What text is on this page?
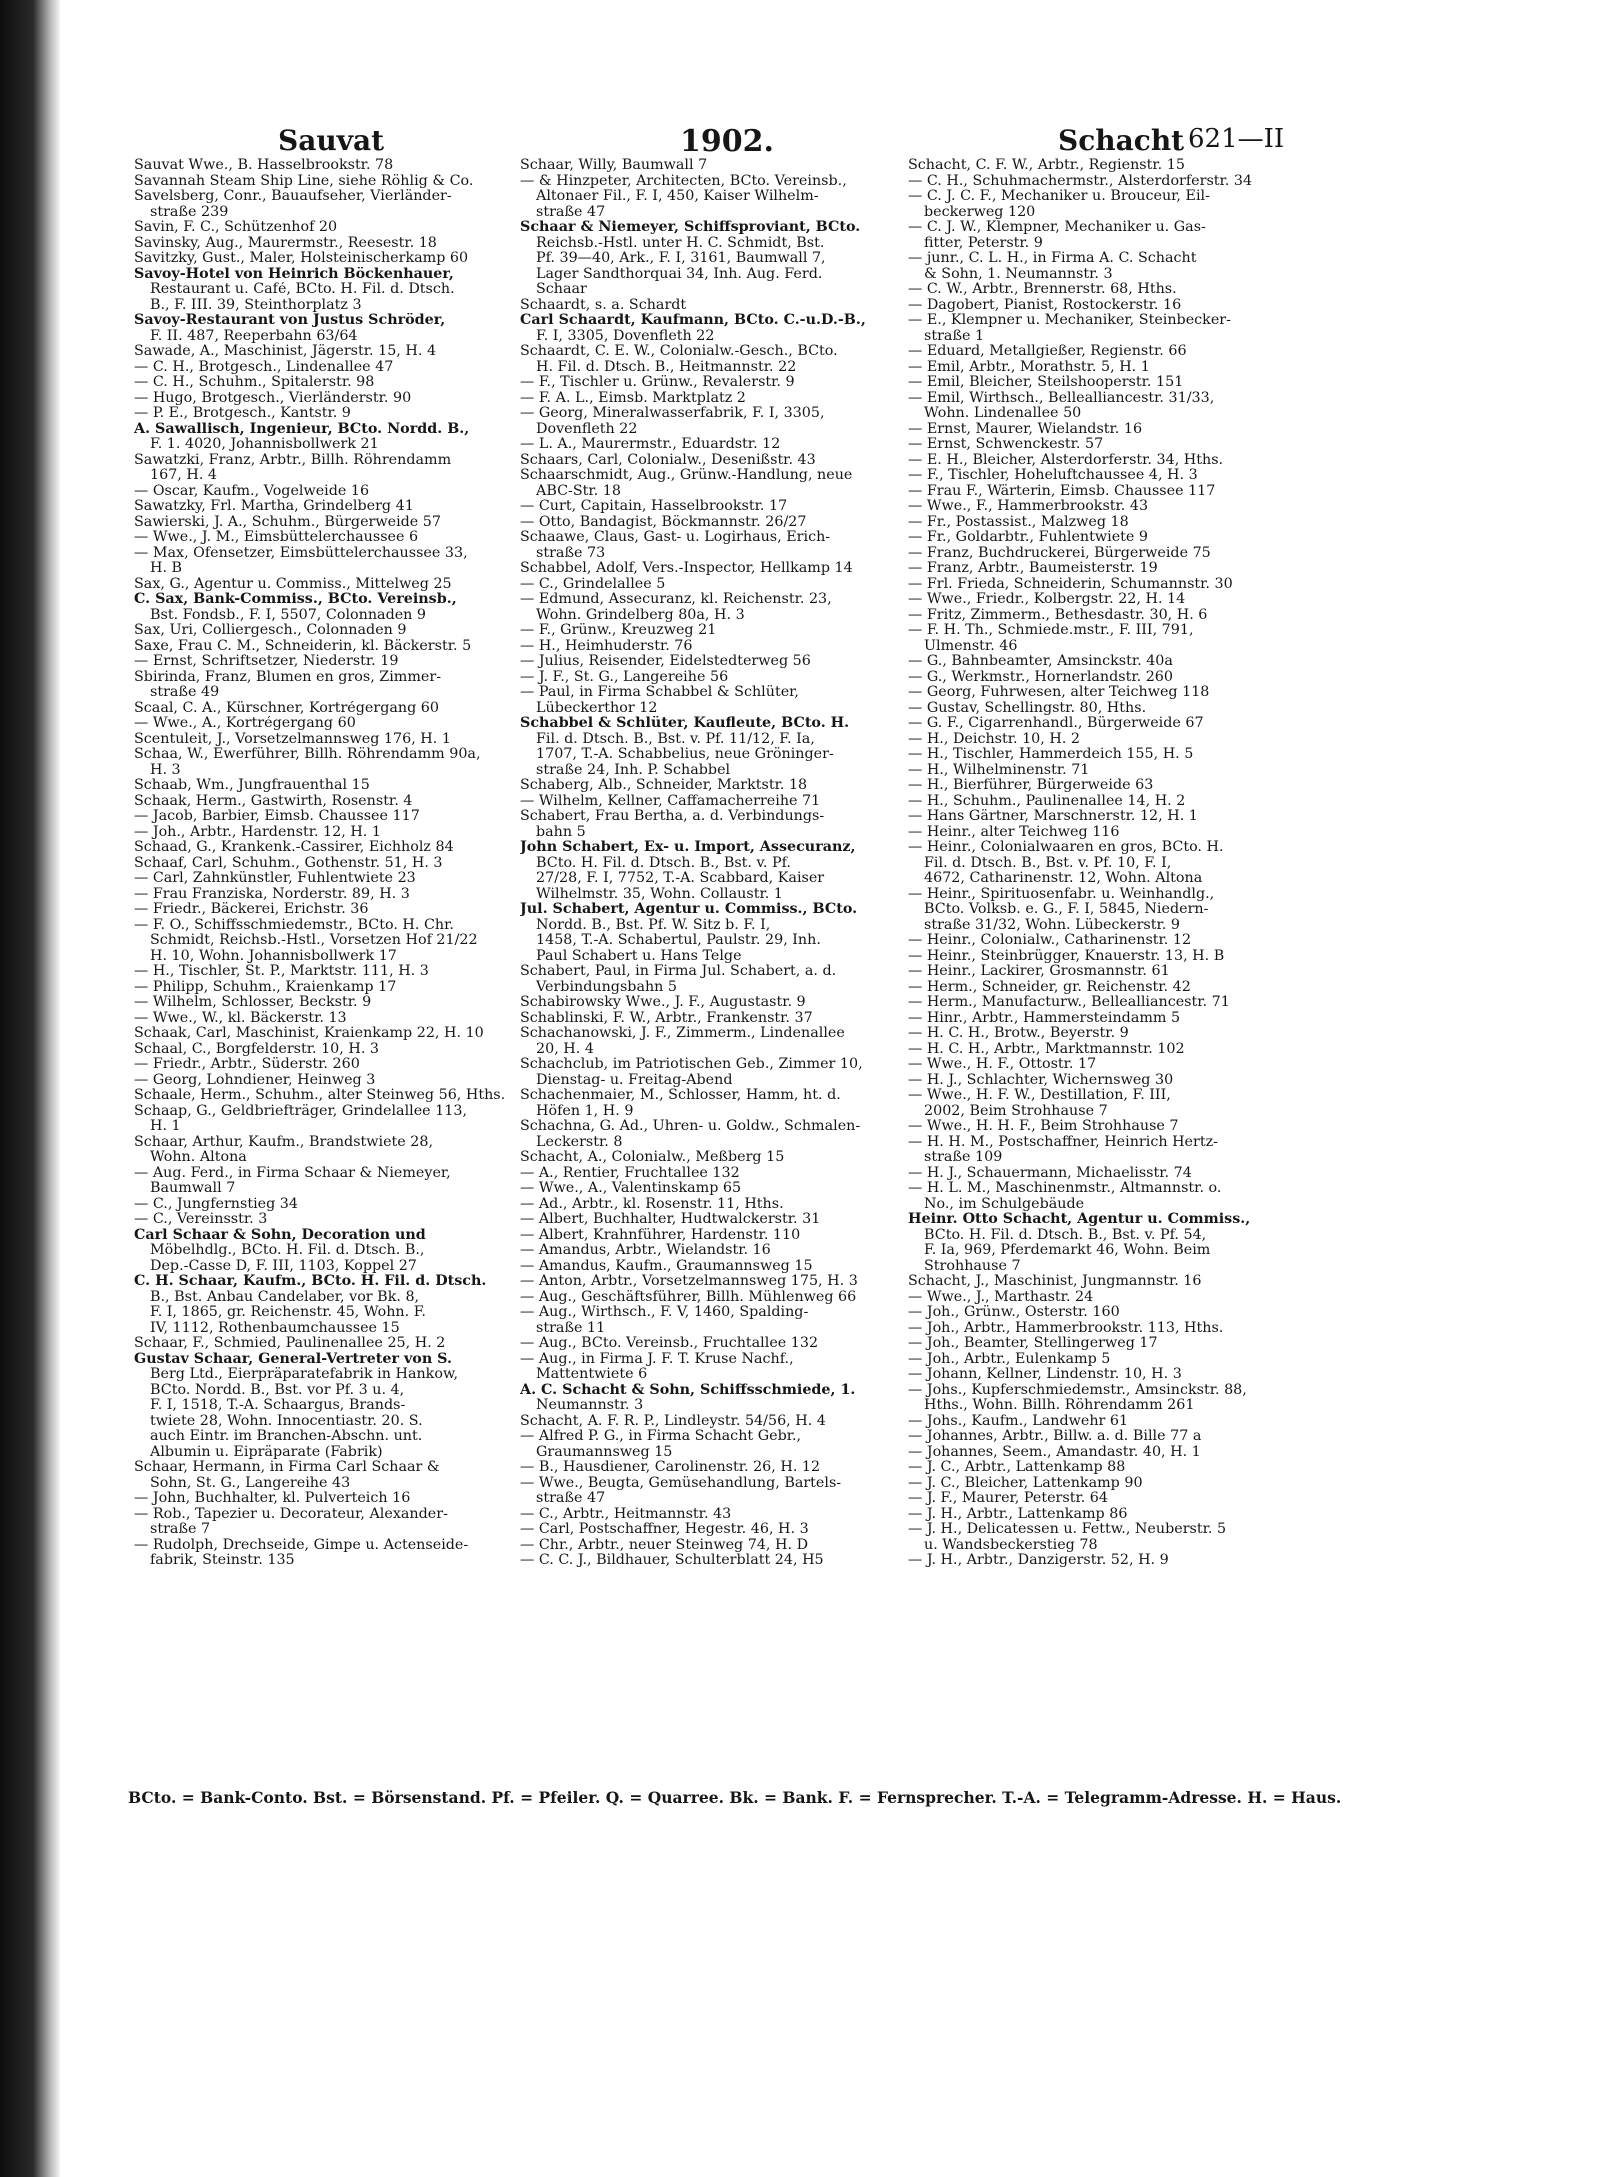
Sauvat	1902.	Schacht 621—II
Sauvat Wwe., B. Hasselbrookstr. 78
Savannah Steam Ship Line, siehe Röhlig & Co.
Savelsberg, Conr., Bauaufseher, Vierländer-
straße 239
Savin, F. C., Schützenhof 20
Savinsky, Aug., Maurermstr., Reesestr. 18
Savitzky, Gust., Maler, Holsteinischerkamp 60
Savoy-Hotel von Heinrich Böckenhauer,
Restaurant u. Café, BCto. H. Fil. d. Dtsch.
B., F. III. 39, Steinthorplatz 3
Savoy-Restaurant von Justus Schröder,
F. II. 487, Reeperbahn 63/64
Sawade, A., Maschinist, Jägerstr. 15, H. 4
— C. H., Brotgesch., Lindenallee 47
— C. H., Schuhm., Spitalerstr. 98
— Hugo, Brotgesch., Vierländerstr. 90
— P. E., Brotgesch., Kantstr. 9
A. Sawallisch, Ingenieur, BCto. Nordd. B.,
F. 1. 4020, Johannisbollwerk 21
Sawatzki, Franz, Arbtr., Billh. Röhrendamm
167, H. 4
— Oscar, Kaufm., Vogelweide 16
Sawatzky, Frl. Martha, Grindelberg 41
Sawierski, J. A., Schuhm., Bürgerweide 57
— Wwe., J. M., Eimsbüttelerchaussee 6
— Max, Ofensetzer, Eimsbüttelerchaussee 33,
H. B
Sax, G., Agentur u. Commiss., Mittelweg 25
C. Sax, Bank-Commiss., BCto. Vereinsb.,
Bst. Fondsb., F. I, 5507, Colonnaden 9
Sax, Uri, Colliergesch., Colonnaden 9
Saxe, Frau C. M., Schneiderin, kl. Bäckerstr. 5
— Ernst, Schriftsetzer, Niederstr. 19
Sbirinda, Franz, Blumen en gros, Zimmer-
straße 49
Scaal, C. A., Kürschner, Kortrégergang 60
— Wwe., A., Kortrégergang 60
Scentuleit, J., Vorsetzelmannsweg 176, H. 1
Schaa, W., Ewerführer, Billh. Röhrendamm 90a,
H. 3
Schaab, Wm., Jungfrauenthal 15
Schaak, Herm., Gastwirth, Rosenstr. 4
— Jacob, Barbier, Eimsb. Chaussee 117
— Joh., Arbtr., Hardenstr. 12, H. 1
Schaad, G., Krankenk.-Cassirer, Eichholz 84
Schaaf, Carl, Schuhm., Gothenstr. 51, H. 3
— Carl, Zahnkünstler, Fuhlentwiete 23
— Frau Franziska, Norderstr. 89, H. 3
— Friedr., Bäckerei, Erichstr. 36
— F. O., Schiffsschmiedemstr., BCto. H. Chr.
Schmidt, Reichsb.-Hstl., Vorsetzen Hof 21/22
H. 10, Wohn. Johannisbollwerk 17
— H., Tischler, St. P., Marktstr. 111, H. 3
— Philipp, Schuhm., Kraienkamp 17
— Wilhelm, Schlosser, Beckstr. 9
— Wwe., W., kl. Bäckerstr. 13
Schaak, Carl, Maschinist, Kraienkamp 22, H. 10
Schaal, C., Borgfelderstr. 10, H. 3
— Friedr., Arbtr., Süderstr. 260
— Georg, Lohndiener, Heinweg 3
Schaale, Herm., Schuhm., alter Steinweg 56, Hths.
Schaap, G., Geldbriefträger, Grindelallee 113,
H. 1
Schaar, Arthur, Kaufm., Brandstwiete 28,
Wohn. Altona
— Aug. Ferd., in Firma Schaar & Niemeyer,
Baumwall 7
— C., Jungfernstieg 34
— C., Vereinsstr. 3
Carl Schaar & Sohn, Decoration und
Möbelhdlg., BCto. H. Fil. d. Dtsch. B.,
Dep.-Casse D, F. III, 1103, Koppel 27
C. H. Schaar, Kaufm., BCto. H. Fil. d. Dtsch.
B., Bst. Anbau Candelaber, vor Bk. 8,
F. I, 1865, gr. Reichenstr. 45, Wohn. F.
IV, 1112, Rothenbaumchaussee 15
Schaar, F., Schmied, Paulinenallee 25, H. 2
Gustav Schaar, General-Vertreter von S.
Berg Ltd., Eierpräparatefabrik in Hankow,
BCto. Nordd. B., Bst. vor Pf. 3 u. 4,
F. I, 1518, T.-A. Schaargus, Brands-
twiete 28, Wohn. Innocentiastr. 20. S.
auch Eintr. im Branchen-Abschn. unt.
Albumin u. Eipräparate (Fabrik)
Schaar, Hermann, in Firma Carl Schaar &
Sohn, St. G., Langereihe 43
— John, Buchhalter, kl. Pulverteich 16
— Rob., Tapezier u. Decorateur, Alexander-
straße 7
— Rudolph, Drechseide, Gimpe u. Actenseide-
fabrik, Steinstr. 135
Schaar, Willy, Baumwall 7
— & Hinzpeter, Architecten, BCto. Vereinsb.,
Altonaer Fil., F. I, 450, Kaiser Wilhelm-
straße 47
Schaar & Niemeyer, Schiffsproviant, BCto.
Reichsb.-Hstl. unter H. C. Schmidt, Bst.
Pf. 39—40, Ark., F. I, 3161, Baumwall 7,
Lager Sandthorquai 34, Inh. Aug. Ferd.
Schaar
Schaardt, s. a. Schardt
Carl Schaardt, Kaufmann, BCto. C.-u.D.-B.,
F. I, 3305, Dovenfleth 22
Schaardt, C. E. W., Colonialw.-Gesch., BCto.
H. Fil. d. Dtsch. B., Heitmannstr. 22
— F., Tischler u. Grünw., Revalerstr. 9
— F. A. L., Eimsb. Marktplatz 2
— Georg, Mineralwasserfabrik, F. I, 3305,
Dovenfleth 22
— L. A., Maurermstr., Eduardstr. 12
Schaars, Carl, Colonialw., Desenißstr. 43
Schaarschmidt, Aug., Grünw.-Handlung, neue
ABC-Str. 18
— Curt, Capitain, Hasselbrookstr. 17
— Otto, Bandagist, Böckmannstr. 26/27
Schaawe, Claus, Gast- u. Logirhaus, Erich-
straße 73
Schabbel, Adolf, Vers.-Inspector, Hellkamp 14
— C., Grindelallee 5
— Edmund, Assecuranz, kl. Reichenstr. 23,
Wohn. Grindelberg 80a, H. 3
— F., Grünw., Kreuzweg 21
— H., Heimhuderstr. 76
— Julius, Reisender, Eidelstedterweg 56
— J. F., St. G., Langereihe 56
— Paul, in Firma Schabbel & Schlüter,
Lübeckerthor 12
Schabbel & Schlüter, Kaufleute, BCto. H.
Fil. d. Dtsch. B., Bst. v. Pf. 11/12, F. Ia,
1707, T.-A. Schabbelius, neue Gröninger-
straße 24, Inh. P. Schabbel
Schaberg, Alb., Schneider, Marktstr. 18
— Wilhelm, Kellner, Caffamacherreihe 71
Schabert, Frau Bertha, a. d. Verbindungs-
bahn 5
John Schabert, Ex- u. Import, Assecuranz,
BCto. H. Fil. d. Dtsch. B., Bst. v. Pf.
27/28, F. I, 7752, T.-A. Scabbard, Kaiser
Wilhelmstr. 35, Wohn. Collaustr. 1
Jul. Schabert, Agentur u. Commiss., BCto.
Nordd. B., Bst. Pf. W. Sitz b. F. I,
1458, T.-A. Schabertul, Paulstr. 29, Inh.
Paul Schabert u. Hans Telge
Schabert, Paul, in Firma Jul. Schabert, a. d.
Verbindungsbahn 5
Schabirowsky Wwe., J. F., Augustastr. 9
Schablinski, F. W., Arbtr., Frankenstr. 37
Schachanowski, J. F., Zimmerm., Lindenallee
20, H. 4
Schachclub, im Patriotischen Geb., Zimmer 10,
Dienstag- u. Freitag-Abend
Schachenmaier, M., Schlosser, Hamm, ht. d.
Höfen 1, H. 9
Schachna, G. Ad., Uhren- u. Goldw., Schmalen-
Leckerstr. 8
Schacht, A., Colonialw., Meßberg 15
— A., Rentier, Fruchtallee 132
— Wwe., A., Valentinskamp 65
— Ad., Arbtr., kl. Rosenstr. 11, Hths.
— Albert, Buchhalter, Hudtwalckerstr. 31
— Albert, Krahnführer, Hardenstr. 110
— Amandus, Arbtr., Wielandstr. 16
— Amandus, Kaufm., Graumannsweg 15
— Anton, Arbtr., Vorsetzelmannsweg 175, H. 3
— Aug., Geschäftsführer, Billh. Mühlenweg 66
— Aug., Wirthsch., F. V, 1460, Spalding-
straße 11
— Aug., BCto. Vereinsb., Fruchtallee 132
— Aug., in Firma J. F. T. Kruse Nachf.,
Mattentwiete 6
A. C. Schacht & Sohn, Schiffsschmiede, 1.
Neumannstr. 3
Schacht, A. F. R. P., Lindleystr. 54/56, H. 4
— Alfred P. G., in Firma Schacht Gebr.,
Graumannsweg 15
— B., Hausdiener, Carolinenstr. 26, H. 12
— Wwe., Beugta, Gemüsehandlung, Bartels-
straße 47
— C., Arbtr., Heitmannstr. 43
— Carl, Postschaffner, Hegestr. 46, H. 3
— Chr., Arbtr., neuer Steinweg 74, H. D
— C. C. J., Bildhauer, Schulterblatt 24, H5
Schacht, C. F. W., Arbtr., Regienstr. 15
— C. H., Schuhmachermstr., Alsterdorferstr. 34
— C. J. C. F., Mechaniker u. Brouceur, Eil-
beckerweg 120
— C. J. W., Klempner, Mechaniker u. Gas-
fitter, Peterstr. 9
— junr., C. L. H., in Firma A. C. Schacht
& Sohn, 1. Neumannstr. 3
— C. W., Arbtr., Brennerstr. 68, Hths.
— Dagobert, Pianist, Rostockerstr. 16
— E., Klempner u. Mechaniker, Steinbecker-
straße 1
— Eduard, Metallgießer, Regienstr. 66
— Emil, Arbtr., Morathstr. 5, H. 1
— Emil, Bleicher, Steilshooperstr. 151
— Emil, Wirthsch., Bellealliancestr. 31/33,
Wohn. Lindenallee 50
— Ernst, Maurer, Wielandstr. 16
— Ernst, Schwenckestr. 57
— E. H., Bleicher, Alsterdorferstr. 34, Hths.
— F., Tischler, Hoheluftchaussee 4, H. 3
— Frau F., Wärterin, Eimsb. Chaussee 117
— Wwe., F., Hammerbrookstr. 43
— Fr., Postassist., Malzweg 18
— Fr., Goldarbtr., Fuhlentwiete 9
— Franz, Buchdruckerei, Bürgerweide 75
— Franz, Arbtr., Baumeisterstr. 19
— Frl. Frieda, Schneiderin, Schumannstr. 30
— Wwe., Friedr., Kolbergstr. 22, H. 14
— Fritz, Zimmerm., Bethesdastr. 30, H. 6
— F. H. Th., Schmiede.mstr., F. III, 791,
Ulmenstr. 46
— G., Bahnbeamter, Amsinckstr. 40a
— G., Werkmstr., Hornerlandstr. 260
— Georg, Fuhrwesen, alter Teichweg 118
— Gustav, Schellingstr. 80, Hths.
— G. F., Cigarrenhandl., Bürgerweide 67
— H., Deichstr. 10, H. 2
— H., Tischler, Hammerdeich 155, H. 5
— H., Wilhelminenstr. 71
— H., Bierführer, Bürgerweide 63
— H., Schuhm., Paulinenallee 14, H. 2
— Hans Gärtner, Marschnerstr. 12, H. 1
— Heinr., alter Teichweg 116
— Heinr., Colonialwaaren en gros, BCto. H.
Fil. d. Dtsch. B., Bst. v. Pf. 10, F. I,
4672, Catharinenstr. 12, Wohn. Altona
— Heinr., Spirituosenfabr. u. Weinhandlg.,
BCto. Volksb. e. G., F. I, 5845, Niedern-
straße 31/32, Wohn. Lübeckerstr. 9
— Heinr., Colonialw., Catharinenstr. 12
— Heinr., Steinbrügger, Knauerstr. 13, H. B
— Heinr., Lackirer, Grosmannstr. 61
— Herm., Schneider, gr. Reichenstr. 42
— Herm., Manufacturw., Bellealliancestr. 71
— Hinr., Arbtr., Hammersteindamm 5
— H. C. H., Brotw., Beyerstr. 9
— H. C. H., Arbtr., Marktmannstr. 102
— Wwe., H. F., Ottostr. 17
— H. J., Schlachter, Wichernsweg 30
— Wwe., H. F. W., Destillation, F. III,
2002, Beim Strohhause 7
— Wwe., H. H. F., Beim Strohhause 7
— H. H. M., Postschaffner, Heinrich Hertz-
straße 109
— H. J., Schauermann, Michaelisstr. 74
— H. L. M., Maschinenmstr., Altmannstr. o.
No., im Schulgebäude
Heinr. Otto Schacht, Agentur u. Commiss.,
BCto. H. Fil. d. Dtsch. B., Bst. v. Pf. 54,
F. Ia, 969, Pferdemarkt 46, Wohn. Beim
Strohhause 7
Schacht, J., Maschinist, Jungmannstr. 16
— Wwe., J., Marthastr. 24
— Joh., Grünw., Osterstr. 160
— Joh., Arbtr., Hammerbrookstr. 113, Hths.
— Joh., Beamter, Stellingerweg 17
— Joh., Arbtr., Eulenkamp 5
— Johann, Kellner, Lindenstr. 10, H. 3
— Johs., Kupferschmiedemstr., Amsinckstr. 88,
Hths., Wohn. Billh. Röhrendamm 261
— Johs., Kaufm., Landwehr 61
— Johannes, Arbtr., Billw. a. d. Bille 77 a
— Johannes, Seem., Amandastr. 40, H. 1
— J. C., Arbtr., Lattenkamp 88
— J. C., Bleicher, Lattenkamp 90
— J. F., Maurer, Peterstr. 64
— J. H., Arbtr., Lattenkamp 86
— J. H., Delicatessen u. Fettw., Neuberstr. 5
u. Wandsbeckerstieg 78
— J. H., Arbtr., Danzigerstr. 52, H. 9
BCto. = Bank-Conto. Bst. = Börsenstand. Pf. = Pfeiler. Q. = Quarree. Bk. = Bank. F. = Fernsprecher. T.-A. = Telegramm-Adresse. H. = Haus.
